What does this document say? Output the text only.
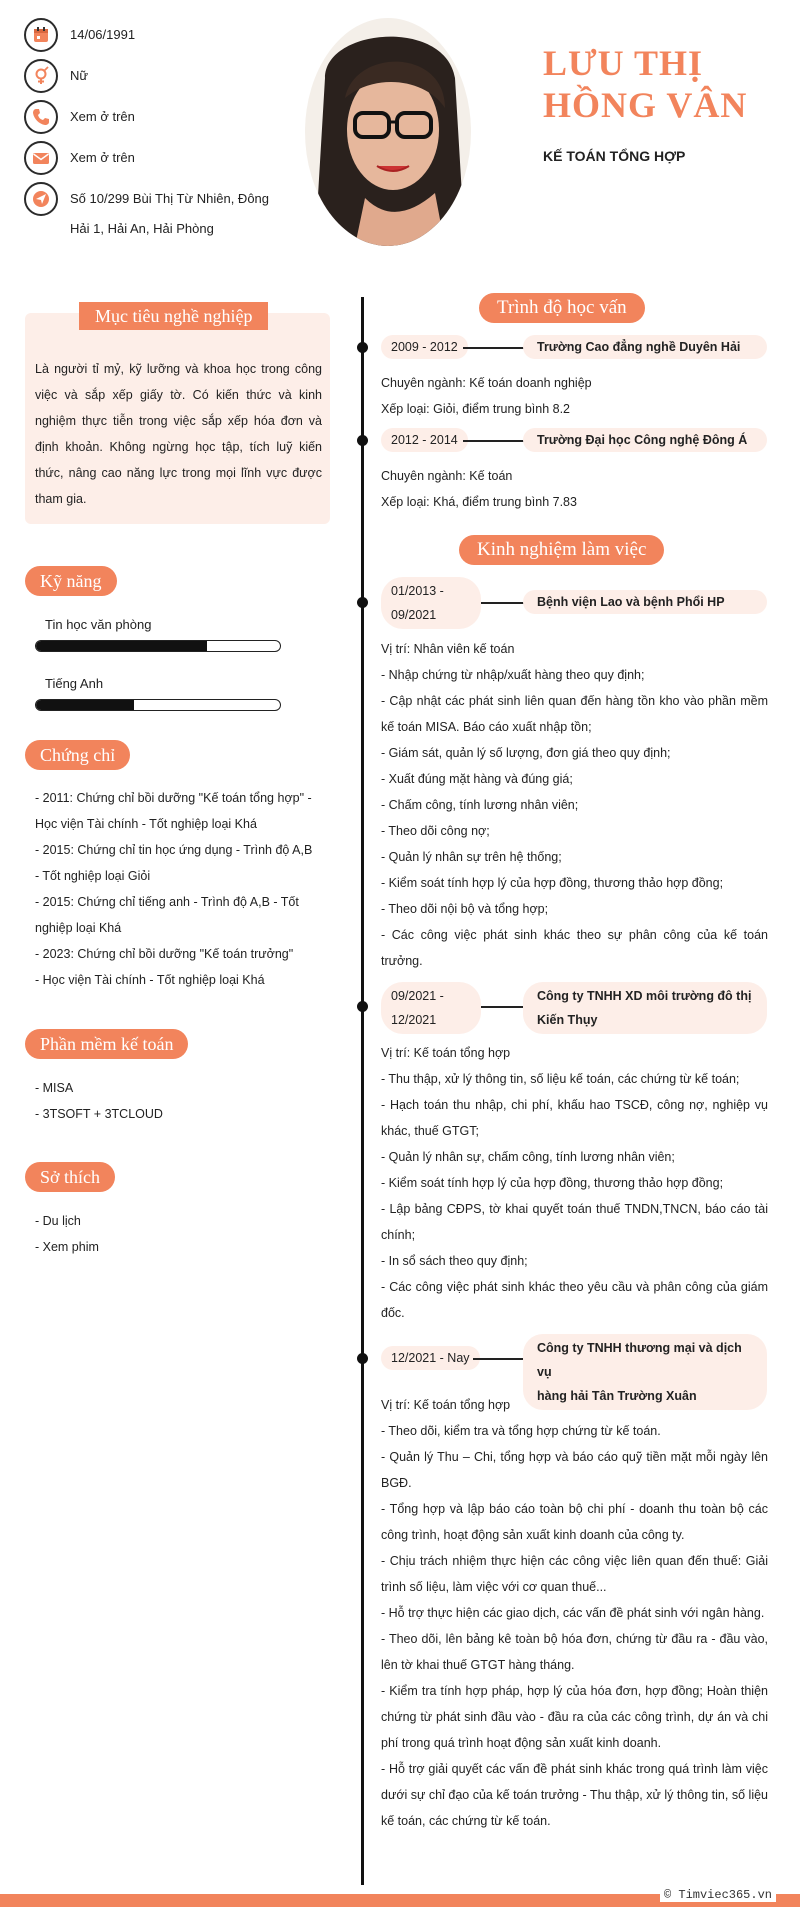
14/06/1991
Nữ
Xem ở trên
Xem ở trên
Số 10/299 Bùi Thị Từ Nhiên, Đông
Hải 1, Hải An, Hải Phòng
LƯU THỊ
HỒNG VÂN
KẾ TOÁN TỔNG HỢP
Mục tiêu nghề nghiệp
Là người tỉ mỷ, kỹ lưỡng và khoa học trong công việc và sắp xếp giấy tờ. Có kiến thức và kinh nghiệm thực tiễn trong việc sắp xếp hóa đơn và định khoản. Không ngừng học tập, tích luỹ kiến thức, nâng cao năng lực trong mọi lĩnh vực được tham gia.
Kỹ năng
Tin học văn phòng
Tiếng Anh
Chứng chỉ
- 2011: Chứng chỉ bồi dưỡng "Kế toán tổng hợp" -
Học viện Tài chính - Tốt nghiệp loại Khá
- 2015: Chứng chỉ tin học ứng dụng - Trình độ A,B
- Tốt nghiệp loại Giỏi
- 2015: Chứng chỉ tiếng anh - Trình độ A,B - Tốt
nghiệp loại Khá
- 2023: Chứng chỉ bồi dưỡng "Kế toán trưởng"
- Học viện Tài chính - Tốt nghiệp loại Khá
Phần mềm kế toán
- MISA
- 3TSOFT + 3TCLOUD
Sở thích
- Du lịch
- Xem phim
Trình độ học vấn
2009 - 2012	Trường Cao đẳng nghề Duyên Hải

Chuyên ngành: Kế toán doanh nghiệp

Xếp loại: Giỏi, điểm trung bình 8.2

2012 - 2014	Trường Đại học Công nghệ Đông Á

Chuyên ngành: Kế toán

Xếp loại: Khá, điểm trung bình 7.83

Kinh nghiệm làm việc
01/2013 -
09/2021
Bệnh viện Lao và bệnh Phổi HP

Vị trí: Nhân viên kế toán

- Nhập chứng từ nhập/xuất hàng theo quy định;

- Cập nhật các phát sinh liên quan đến hàng tồn kho vào phần mềm kế toán MISA. Báo cáo xuất nhập tồn;

- Giám sát, quản lý số lượng, đơn giá theo quy định;

- Xuất đúng mặt hàng và đúng giá;

- Chấm công, tính lương nhân viên;

- Theo dõi công nợ;

- Quản lý nhân sự trên hệ thống;

- Kiểm soát tính hợp lý của hợp đồng, thương thảo hợp đồng;

- Theo dõi nội bộ và tổng hợp;

- Các công việc phát sinh khác theo sự phân công của kế toán trưởng.

09/2021 -
12/2021
Công ty TNHH XD môi trường đô thị
Kiến Thụy

Vị trí: Kế toán tổng hợp

- Thu thập, xử lý thông tin, số liệu kế toán, các chứng từ kế toán;

- Hạch toán thu nhập, chi phí, khấu hao TSCĐ, công nợ, nghiệp vụ khác, thuế GTGT;

- Quản lý nhân sự, chấm công, tính lương nhân viên;

- Kiểm soát tính hợp lý của hợp đồng, thương thảo hợp đồng;

- Lập bảng CĐPS, tờ khai quyết toán thuế TNDN,TNCN, báo cáo tài chính;

- In sổ sách theo quy định;

- Các công việc phát sinh khác theo yêu cầu và phân công của giám đốc.

12/2021 - Nay
Công ty TNHH thương mại và dịch vụ
hàng hải Tân Trường Xuân

Vị trí: Kế toán tổng hợp

- Theo dõi, kiểm tra và tổng hợp chứng từ kế toán.

- Quản lý Thu – Chi, tổng hợp và báo cáo quỹ tiền mặt mỗi ngày lên BGĐ.

- Tổng hợp và lập báo cáo toàn bộ chi phí - doanh thu toàn bộ các công trình, hoạt động sản xuất kinh doanh của công ty.

- Chịu trách nhiệm thực hiện các công việc liên quan đến thuế: Giải trình số liệu, làm việc với cơ quan thuế...

- Hỗ trợ thực hiện các giao dịch, các vấn đề phát sinh với ngân hàng.

- Theo dõi, lên bảng kê toàn bộ hóa đơn, chứng từ đầu ra - đầu vào, lên tờ khai thuế GTGT hàng tháng.

- Kiểm tra tính hợp pháp, hợp lý của hóa đơn, hợp đồng; Hoàn thiện chứng từ phát sinh đầu vào - đầu ra của các công trình, dự án và chi phí trong quá trình hoạt động sản xuất kinh doanh.

- Hỗ trợ giải quyết các vấn đề phát sinh khác trong quá trình làm việc dưới sự chỉ đạo của kế toán trưởng - Thu thập, xử lý thông tin, số liệu kế toán, các chứng từ kế toán.

© Timviec365.vn
